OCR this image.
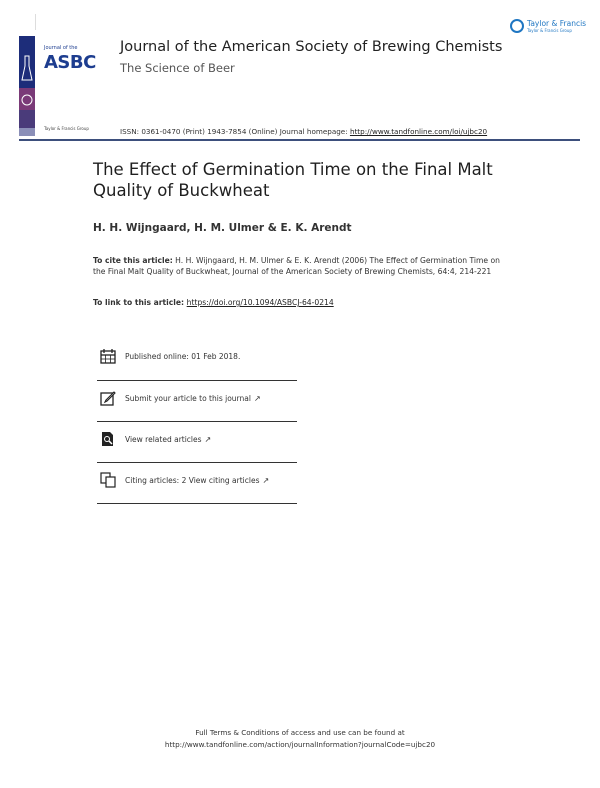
Journal of the
ASBC
Taylor & Francis Group
Journal of the American Society of Brewing Chemists
The Science of Beer
Taylor & Francis
Taylor & Francis Group
ISSN: 0361-0470 (Print) 1943-7854 (Online) Journal homepage: http://www.tandfonline.com/loi/ujbc20
The Effect of Germination Time on the Final Malt Quality of Buckwheat
H. H. Wijngaard, H. M. Ulmer & E. K. Arendt
To cite this article: H. H. Wijngaard, H. M. Ulmer & E. K. Arendt (2006) The Effect of Germination Time on the Final Malt Quality of Buckwheat, Journal of the American Society of Brewing Chemists, 64:4, 214-221
To link to this article: https://doi.org/10.1094/ASBCJ-64-0214
Published online: 01 Feb 2018.
Submit your article to this journal ↗
View related articles ↗
Citing articles: 2 View citing articles ↗
Full Terms & Conditions of access and use can be found at
http://www.tandfonline.com/action/journalInformation?journalCode=ujbc20
